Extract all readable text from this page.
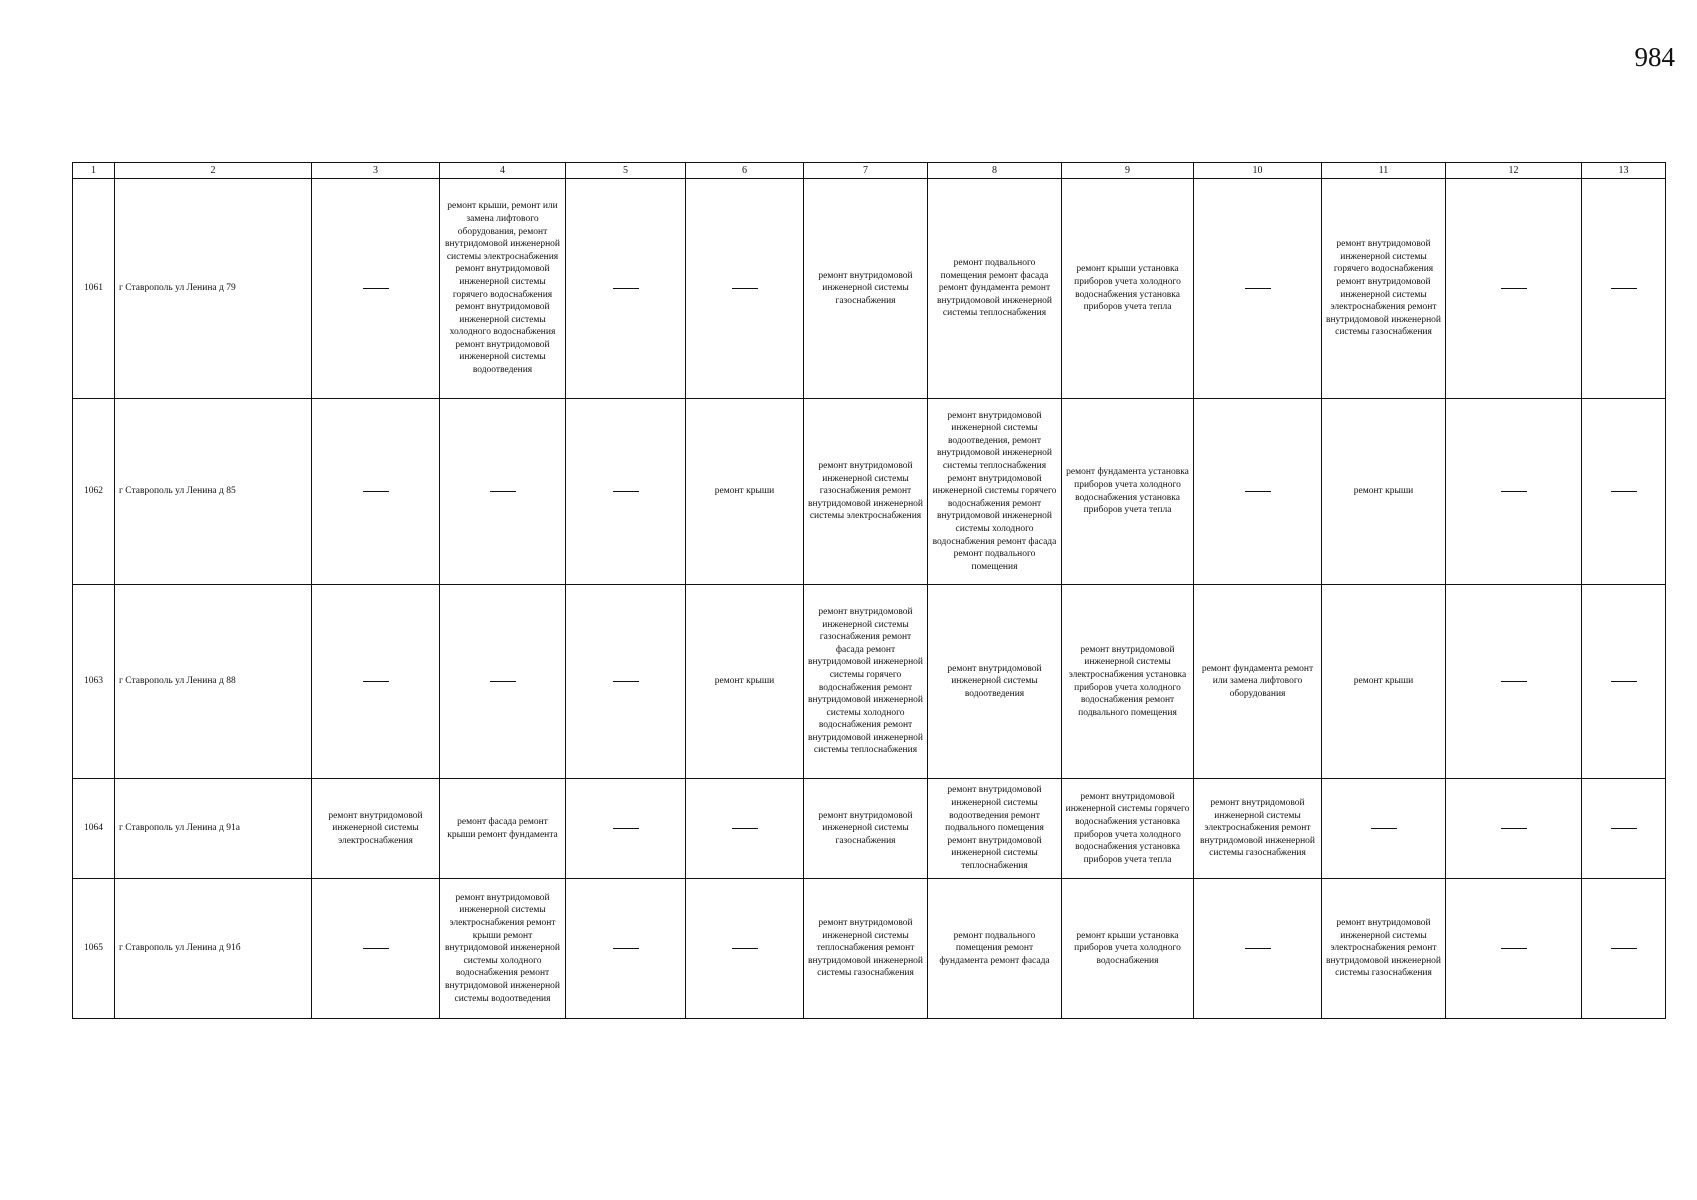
984
1	2	3	4	5	6	7	8	9	10	11	12	13
1061	г Ставрополь ул Ленина д 79		ремонт крыши, ремонт или замена лифтового оборудования, ремонт внутридомовой инженерной системы электроснабжения ремонт внутридомовой инженерной системы горячего водоснабжения ремонт внутридомовой инженерной системы холодного водоснабжения ремонт внутридомовой инженерной системы водоотведения			ремонт внутридомовой инженерной системы газоснабжения	ремонт подвального помещения ремонт фасада ремонт фундамента ремонт внутридомовой инженерной системы теплоснабжения	ремонт крыши установка приборов учета холодного водоснабжения установка приборов учета тепла		ремонт внутридомовой инженерной системы горячего водоснабжения ремонт внутридомовой инженерной системы электроснабжения ремонт внутридомовой инженерной системы газоснабжения		
1062	г Ставрополь ул Ленина д 85				ремонт крыши	ремонт внутридомовой инженерной системы газоснабжения ремонт внутридомовой инженерной системы электроснабжения	ремонт внутридомовой инженерной системы водоотведения, ремонт внутридомовой инженерной системы теплоснабжения ремонт внутридомовой инженерной системы горячего водоснабжения ремонт внутридомовой инженерной системы холодного водоснабжения ремонт фасада ремонт подвального помещения	ремонт фундамента установка приборов учета холодного водоснабжения установка приборов учета тепла		ремонт крыши		
1063	г Ставрополь ул Ленина д 88				ремонт крыши	ремонт внутридомовой инженерной системы газоснабжения ремонт фасада ремонт внутридомовой инженерной системы горячего водоснабжения ремонт внутридомовой инженерной системы холодного водоснабжения ремонт внутридомовой инженерной системы теплоснабжения	ремонт внутридомовой инженерной системы водоотведения	ремонт внутридомовой инженерной системы электроснабжения установка приборов учета холодного водоснабжения ремонт подвального помещения	ремонт фундамента ремонт или замена лифтового оборудования	ремонт крыши		
1064	г Ставрополь ул Ленина д 91а	ремонт внутридомовой инженерной системы электроснабжения	ремонт фасада ремонт крыши ремонт фундамента			ремонт внутридомовой инженерной системы газоснабжения	ремонт внутридомовой инженерной системы водоотведения ремонт подвального помещения ремонт внутридомовой инженерной системы теплоснабжения	ремонт внутридомовой инженерной системы горячего водоснабжения установка приборов учета холодного водоснабжения установка приборов учета тепла	ремонт внутридомовой инженерной системы электроснабжения ремонт внутридомовой инженерной системы газоснабжения			
1065	г Ставрополь ул Ленина д 91б		ремонт внутридомовой инженерной системы электроснабжения ремонт крыши ремонт внутридомовой инженерной системы холодного водоснабжения ремонт внутридомовой инженерной системы водоотведения			ремонт внутридомовой инженерной системы теплоснабжения ремонт внутридомовой инженерной системы газоснабжения	ремонт подвального помещения ремонт фундамента ремонт фасада	ремонт крыши установка приборов учета холодного водоснабжения		ремонт внутридомовой инженерной системы электроснабжения ремонт внутридомовой инженерной системы газоснабжения		
